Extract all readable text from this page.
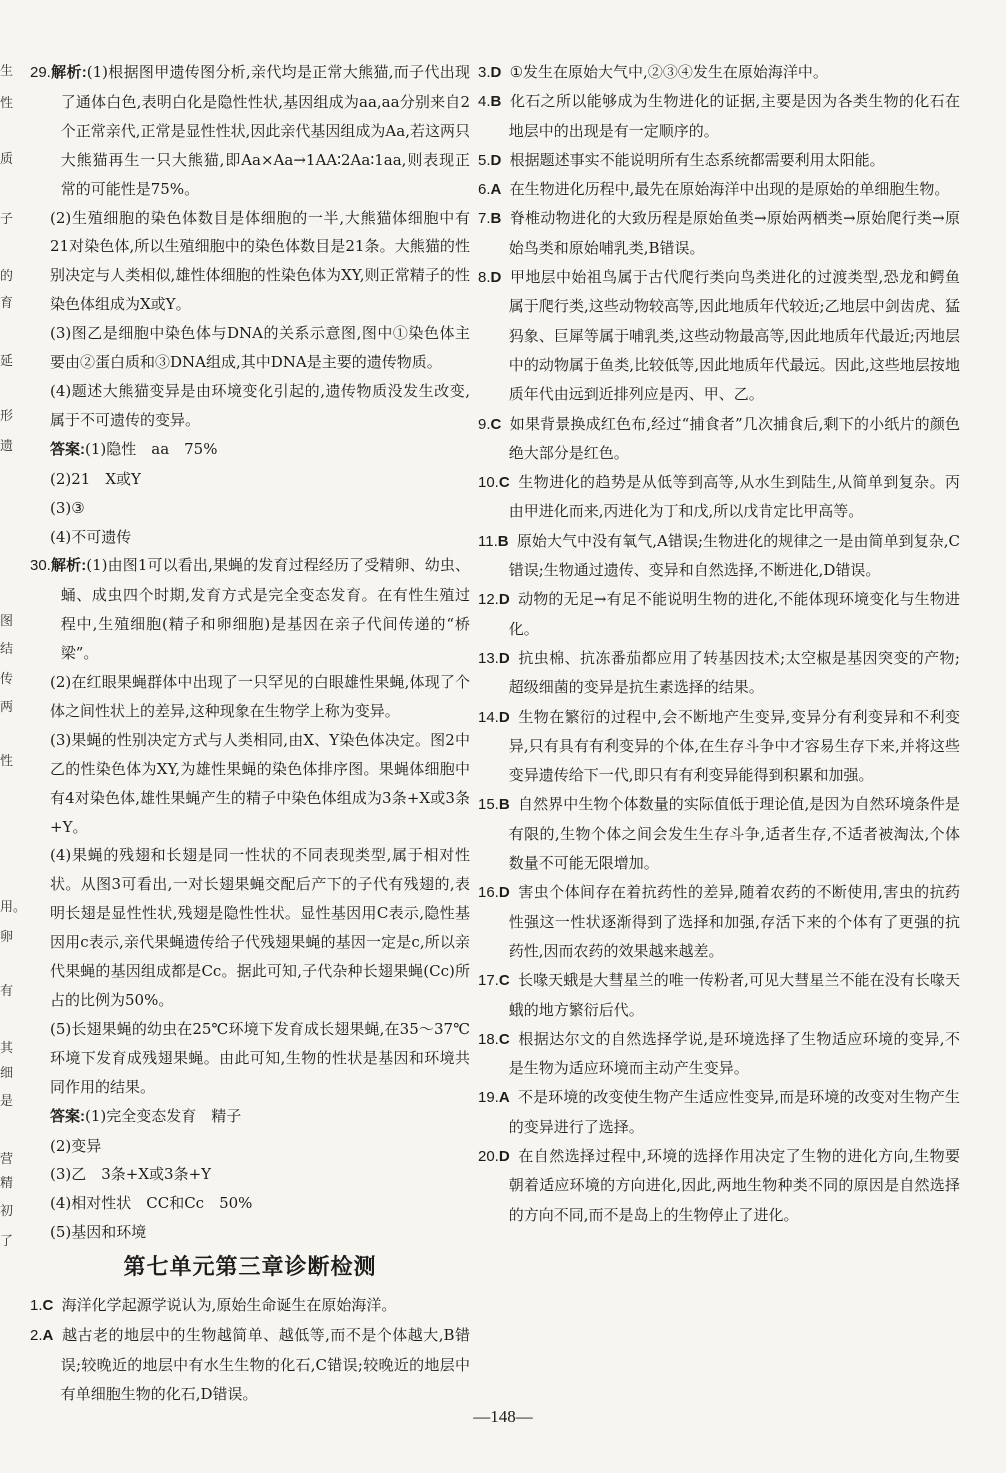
生
性
质
子
的
育
延
形
遗
图
结
传
两
性
用。
卵
有
其
细
是
营
精
初
了

29.解析:(1)根据图甲遗传图分析,亲代均是正常大熊猫,而子代出现了通体白色,表明白化是隐性性状,基因组成为aa,aa分别来自2个正常亲代,正常是显性性状,因此亲代基因组成为Aa,若这两只大熊猫再生一只大熊猫,即Aa×Aa→1AA∶2Aa∶1aa,则表现正常的可能性是75%。

(2)生殖细胞的染色体数目是体细胞的一半,大熊猫体细胞中有21对染色体,所以生殖细胞中的染色体数目是21条。大熊猫的性别决定与人类相似,雄性体细胞的性染色体为XY,则正常精子的性染色体组成为X或Y。

(3)图乙是细胞中染色体与DNA的关系示意图,图中①染色体主要由②蛋白质和③DNA组成,其中DNA是主要的遗传物质。

(4)题述大熊猫变异是由环境变化引起的,遗传物质没发生改变,属于不可遗传的变异。

答案:(1)隐性　aa　75%

(2)21　X或Y

(3)③

(4)不可遗传

30.解析:(1)由图1可以看出,果蝇的发育过程经历了受精卵、幼虫、蛹、成虫四个时期,发育方式是完全变态发育。在有性生殖过程中,生殖细胞(精子和卵细胞)是基因在亲子代间传递的“桥梁”。

(2)在红眼果蝇群体中出现了一只罕见的白眼雄性果蝇,体现了个体之间性状上的差异,这种现象在生物学上称为变异。

(3)果蝇的性别决定方式与人类相同,由X、Y染色体决定。图2中乙的性染色体为XY,为雄性果蝇的染色体排序图。果蝇体细胞中有4对染色体,雄性果蝇产生的精子中染色体组成为3条+X或3条+Y。

(4)果蝇的残翅和长翅是同一性状的不同表现类型,属于相对性状。从图3可看出,一对长翅果蝇交配后产下的子代有残翅的,表明长翅是显性性状,残翅是隐性性状。显性基因用C表示,隐性基因用c表示,亲代果蝇遗传给子代残翅果蝇的基因一定是c,所以亲代果蝇的基因组成都是Cc。据此可知,子代杂种长翅果蝇(Cc)所占的比例为50%。

(5)长翅果蝇的幼虫在25℃环境下发育成长翅果蝇,在35～37℃环境下发育成残翅果蝇。由此可知,生物的性状是基因和环境共同作用的结果。

答案:(1)完全变态发育　精子

(2)变异

(3)乙　3条+X或3条+Y

(4)相对性状　CC和Cc　50%

(5)基因和环境

第七单元第三章诊断检测

1.C 海洋化学起源学说认为,原始生命诞生在原始海洋。

2.A 越古老的地层中的生物越简单、越低等,而不是个体越大,B错误;较晚近的地层中有水生生物的化石,C错误;较晚近的地层中有单细胞生物的化石,D错误。

3.D ①发生在原始大气中,②③④发生在原始海洋中。

4.B 化石之所以能够成为生物进化的证据,主要是因为各类生物的化石在地层中的出现是有一定顺序的。

5.D 根据题述事实不能说明所有生态系统都需要利用太阳能。

6.A 在生物进化历程中,最先在原始海洋中出现的是原始的单细胞生物。

7.B 脊椎动物进化的大致历程是原始鱼类→原始两栖类→原始爬行类→原始鸟类和原始哺乳类,B错误。

8.D 甲地层中始祖鸟属于古代爬行类向鸟类进化的过渡类型,恐龙和鳄鱼属于爬行类,这些动物较高等,因此地质年代较近;乙地层中剑齿虎、猛犸象、巨犀等属于哺乳类,这些动物最高等,因此地质年代最近;丙地层中的动物属于鱼类,比较低等,因此地质年代最远。因此,这些地层按地质年代由远到近排列应是丙、甲、乙。

9.C 如果背景换成红色布,经过“捕食者”几次捕食后,剩下的小纸片的颜色绝大部分是红色。

10.C 生物进化的趋势是从低等到高等,从水生到陆生,从简单到复杂。丙由甲进化而来,丙进化为丁和戊,所以戊肯定比甲高等。

11.B 原始大气中没有氧气,A错误;生物进化的规律之一是由简单到复杂,C错误;生物通过遗传、变异和自然选择,不断进化,D错误。

12.D 动物的无足→有足不能说明生物的进化,不能体现环境变化与生物进化。

13.D 抗虫棉、抗冻番茄都应用了转基因技术;太空椒是基因突变的产物;超级细菌的变异是抗生素选择的结果。

14.D 生物在繁衍的过程中,会不断地产生变异,变异分有利变异和不利变异,只有具有有利变异的个体,在生存斗争中才容易生存下来,并将这些变异遗传给下一代,即只有有利变异能得到积累和加强。

15.B 自然界中生物个体数量的实际值低于理论值,是因为自然环境条件是有限的,生物个体之间会发生生存斗争,适者生存,不适者被淘汰,个体数量不可能无限增加。

16.D 害虫个体间存在着抗药性的差异,随着农药的不断使用,害虫的抗药性强这一性状逐渐得到了选择和加强,存活下来的个体有了更强的抗药性,因而农药的效果越来越差。

17.C 长喙天蛾是大彗星兰的唯一传粉者,可见大彗星兰不能在没有长喙天蛾的地方繁衍后代。

18.C 根据达尔文的自然选择学说,是环境选择了生物适应环境的变异,不是生物为适应环境而主动产生变异。

19.A 不是环境的改变使生物产生适应性变异,而是环境的改变对生物产生的变异进行了选择。

20.D 在自然选择过程中,环境的选择作用决定了生物的进化方向,生物要朝着适应环境的方向进化,因此,两地生物种类不同的原因是自然选择的方向不同,而不是岛上的生物停止了进化。

—148—
